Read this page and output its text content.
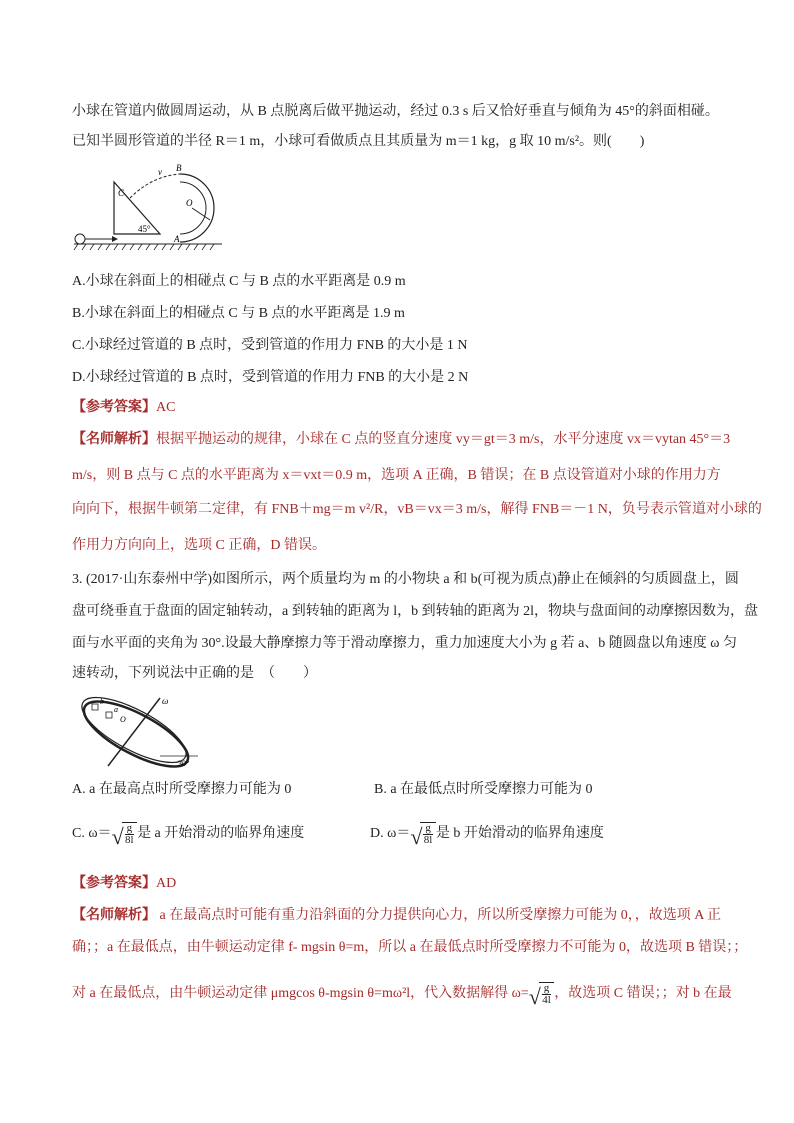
小球在管道内做圆周运动，从 B 点脱离后做平抛运动，经过 0.3 s 后又恰好垂直与倾角为 45°的斜面相碰。
已知半圆形管道的半径 R＝1 m，小球可看做质点且其质量为 m＝1 kg，g 取 10 m/s²。则(　　)
C
v B
O
45°
A
A.小球在斜面上的相碰点 C 与 B 点的水平距离是 0.9 m
B.小球在斜面上的相碰点 C 与 B 点的水平距离是 1.9 m
C.小球经过管道的 B 点时，受到管道的作用力 FNB 的大小是 1 N
D.小球经过管道的 B 点时，受到管道的作用力 FNB 的大小是 2 N
【参考答案】AC
【名师解析】根据平抛运动的规律，小球在 C 点的竖直分速度 vy＝gt＝3 m/s，水平分速度 vx＝vytan 45°＝3
m/s，则 B 点与 C 点的水平距离为 x＝vxt＝0.9 m，选项 A 正确，B 错误；在 B 点设管道对小球的作用力方
向向下，根据牛顿第二定律，有 FNB＋mg＝m v²/R，vB＝vx＝3 m/s，解得 FNB＝－1 N，负号表示管道对小球的
作用力方向向上，选项 C 正确，D 错误。
3. (2017·山东泰州中学)如图所示，两个质量均为 m 的小物块 a 和 b(可视为质点)静止在倾斜的匀质圆盘上，圆
盘可绕垂直于盘面的固定轴转动，a 到转轴的距离为 l，b 到转轴的距离为 2l，物块与盘面间的动摩擦因数为，盘
面与水平面的夹角为 30°.设最大静摩擦力等于滑动摩擦力，重力加速度大小为 g 若 a、b 随圆盘以角速度 ω 匀
速转动，下列说法中正确的是　（　　）
b
a
O
ω
30°
A. a 在最高点时所受摩擦力可能为 0	B. a 在最低点时所受摩擦力可能为 0
C. ω＝ √ $\frac{g}{8l}$ 是 a 开始滑动的临界角速度	D. ω＝ √ $\frac{g}{8l}$ 是 b 开始滑动的临界角速度
【参考答案】AD
【名师解析】 a 在最高点时可能有重力沿斜面的分力提供向心力，所以所受摩擦力可能为 0，，故选项 A 正
确；；a 在最低点，由牛顿运动定律 f- mgsin θ=m，所以 a 在最低点时所受摩擦力不可能为 0，故选项 B 错误；；
对 a 在最低点，由牛顿运动定律 μmgcos θ-mgsin θ=mω²l，代入数据解得 ω= √ $\frac{g}{4l}$ ，故选项 C 错误；；对 b 在最
